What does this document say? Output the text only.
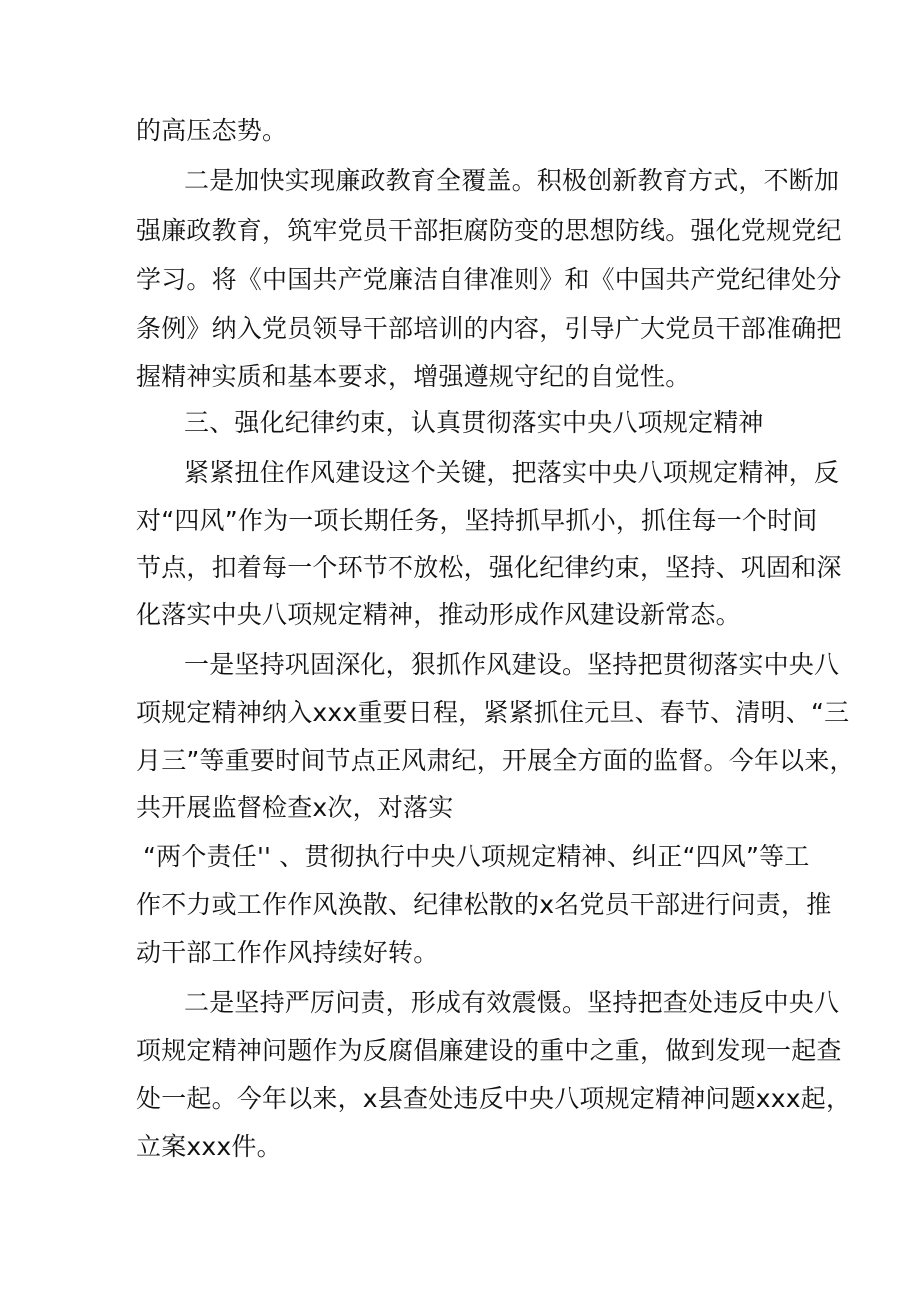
的高压态势。
二是加快实现廉政教育全覆盖。积极创新教育方式，不断加
强廉政教育，筑牢党员干部拒腐防变的思想防线。强化党规党纪
学习。将《中国共产党廉洁自律准则》和《中国共产党纪律处分
条例》纳入党员领导干部培训的内容，引导广大党员干部准确把
握精神实质和基本要求，增强遵规守纪的自觉性。
三、强化纪律约束，认真贯彻落实中央八项规定精神
紧紧扭住作风建设这个关键，把落实中央八项规定精神，反
对“四风”作为一项长期任务，坚持抓早抓小，抓住每一个时间
节点，扣着每一个环节不放松，强化纪律约束，坚持、巩固和深
化落实中央八项规定精神，推动形成作风建设新常态。
一是坚持巩固深化，狠抓作风建设。坚持把贯彻落实中央八
项规定精神纳入xxx重要日程，紧紧抓住元旦、春节、清明、“三
月三”等重要时间节点正风肃纪，开展全方面的监督。今年以来，
共开展监督检查x次，对落实
“两个责任'' 、贯彻执行中央八项规定精神、纠正“四风”等工
作不力或工作作风涣散、纪律松散的x名党员干部进行问责，推
动干部工作作风持续好转。
二是坚持严厉问责，形成有效震慑。坚持把查处违反中央八
项规定精神问题作为反腐倡廉建设的重中之重，做到发现一起查
处一起。今年以来，x县查处违反中央八项规定精神问题xxx起，
立案xxx件。
